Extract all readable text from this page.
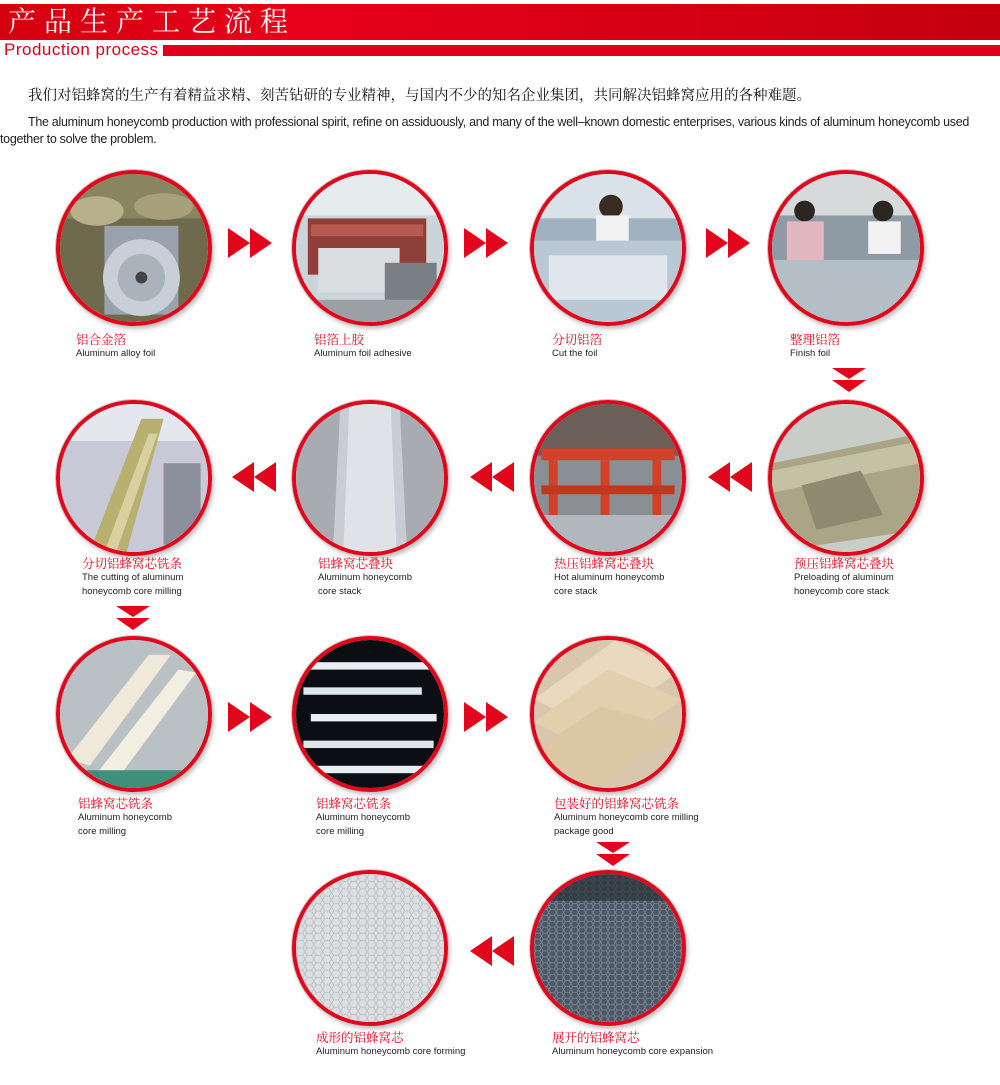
产品生产工艺流程
Production process
我们对铝蜂窝的生产有着精益求精、刻苦钻研的专业精神，与国内不少的知名企业集团，共同解决铝蜂窝应用的各种难题。
The aluminum honeycomb production with professional spirit, refine on assiduously, and many of the well–known domestic enterprises, various kinds of aluminum honeycomb used together to solve the problem.
铝合金箔
Aluminum alloy foil
铝箔上胶
Aluminum foil adhesive
分切铝箔
Cut the foil
整理铝箔
Finish foil
分切铝蜂窝芯铣条
The cutting of aluminum
honeycomb core milling
铝蜂窝芯叠块
Aluminum honeycomb
core stack
热压铝蜂窝芯叠块
Hot aluminum honeycomb
core stack
预压铝蜂窝芯叠块
Preloading of aluminum
honeycomb core stack
铝蜂窝芯铣条
Aluminum honeycomb
core milling
铝蜂窝芯铣条
Aluminum honeycomb
core milling
包装好的铝蜂窝芯铣条
Aluminum honeycomb core milling
package good
成形的铝蜂窝芯
Aluminum honeycomb core forming
展开的铝蜂窝芯
Aluminum honeycomb core expansion
